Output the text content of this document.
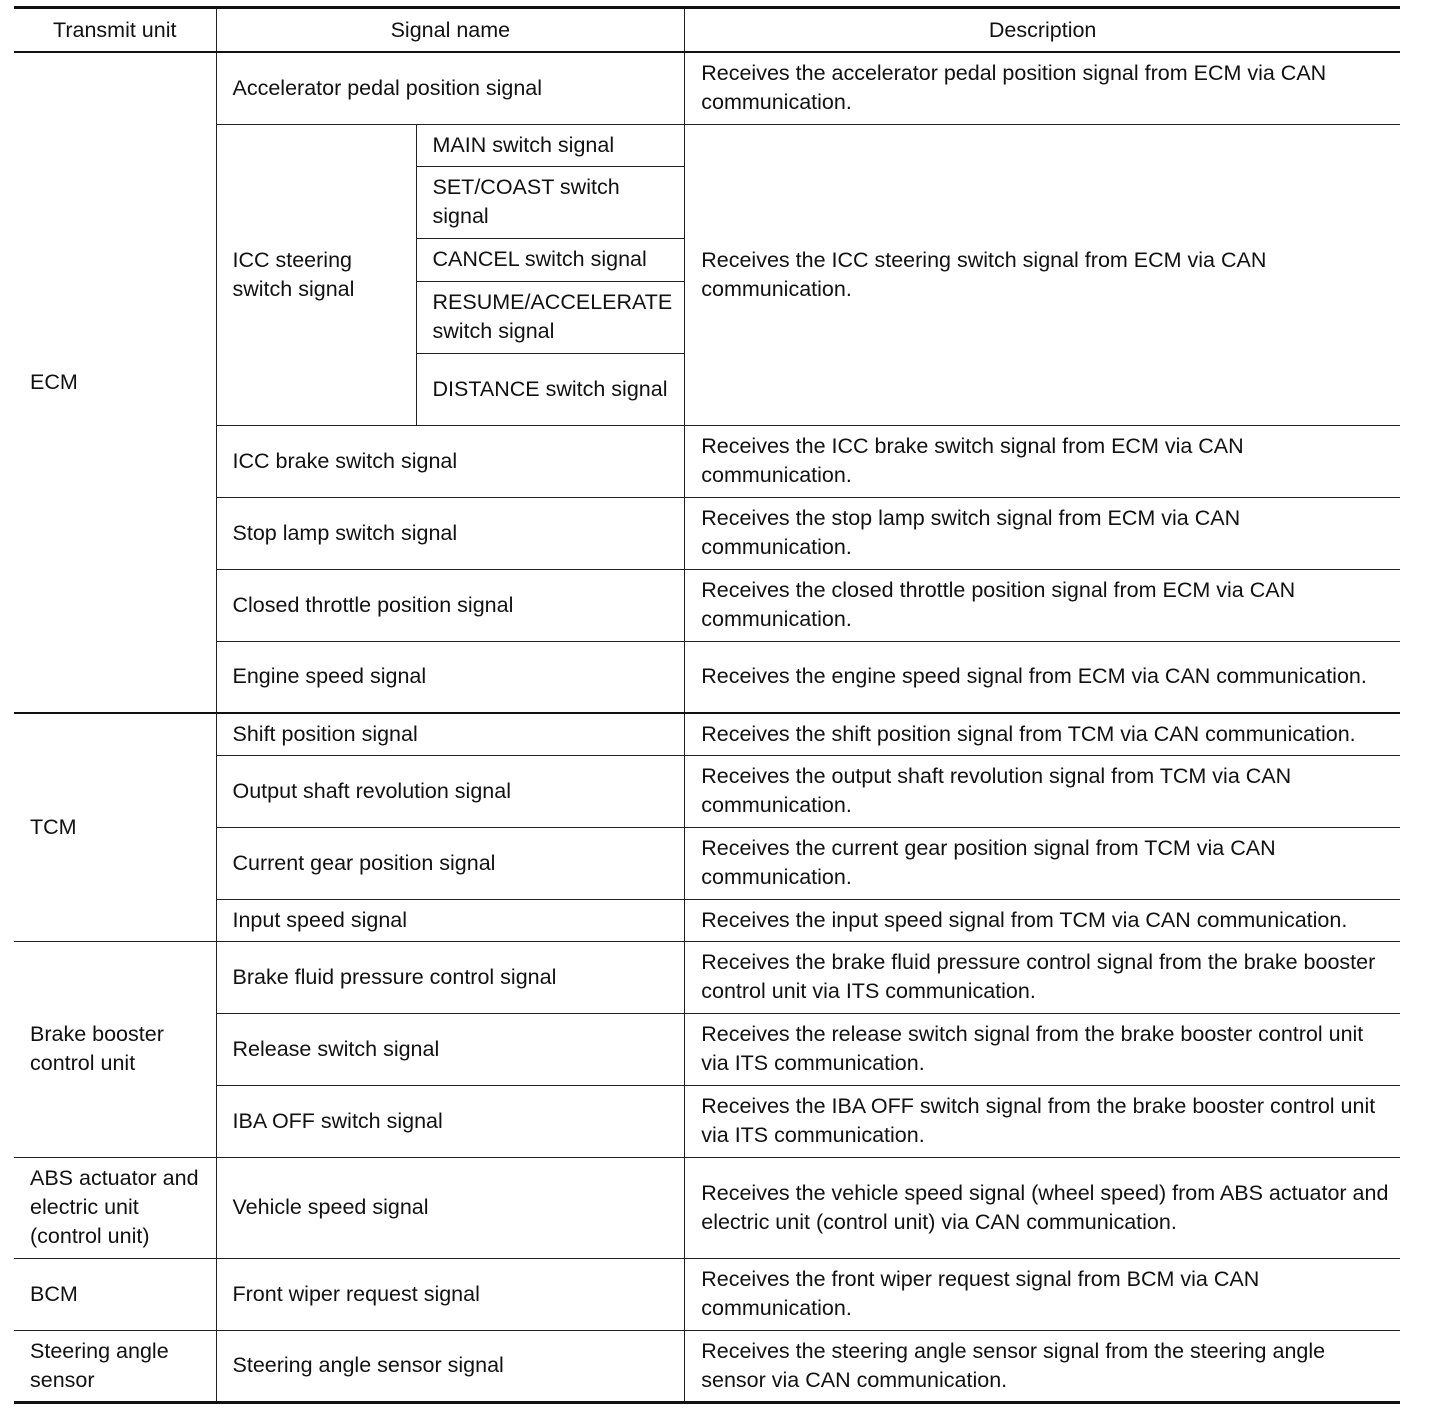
Transmit unit	Signal name		Description
ECM	Accelerator pedal position signal		Receives the accelerator pedal position signal from ECM via CAN communication.
	ICC steering switch signal	MAIN switch signal	Receives the ICC steering switch signal from ECM via CAN communication.
		SET/COAST switch signal	
		CANCEL switch signal	
		RESUME/ACCELERATE switch signal	
		DISTANCE switch signal	
	ICC brake switch signal		Receives the ICC brake switch signal from ECM via CAN communication.
	Stop lamp switch signal		Receives the stop lamp switch signal from ECM via CAN communication.
	Closed throttle position signal		Receives the closed throttle position signal from ECM via CAN communication.
	Engine speed signal		Receives the engine speed signal from ECM via CAN communication.
TCM	Shift position signal		Receives the shift position signal from TCM via CAN communication.
	Output shaft revolution signal		Receives the output shaft revolution signal from TCM via CAN communication.
	Current gear position signal		Receives the current gear position signal from TCM via CAN communication.
	Input speed signal		Receives the input speed signal from TCM via CAN communication.
Brake booster control unit	Brake fluid pressure control signal		Receives the brake fluid pressure control signal from the brake booster control unit via ITS communication.
	Release switch signal		Receives the release switch signal from the brake booster control unit via ITS communication.
	IBA OFF switch signal		Receives the IBA OFF switch signal from the brake booster control unit via ITS communication.
ABS actuator and electric unit (control unit)	Vehicle speed signal		Receives the vehicle speed signal (wheel speed) from ABS actuator and electric unit (control unit) via CAN communication.
BCM	Front wiper request signal		Receives the front wiper request signal from BCM via CAN communication.
Steering angle sensor	Steering angle sensor signal		Receives the steering angle sensor signal from the steering angle sensor via CAN communication.
